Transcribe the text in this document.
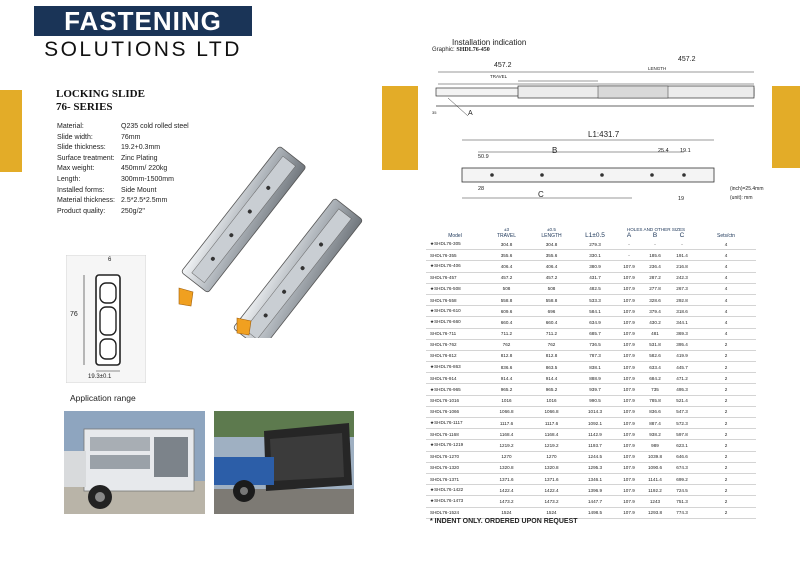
FASTENING
SOLUTIONS LTD
LOCKING SLIDE
76- SERIES
Material:	Q235 cold rolled steel
Slide width:	76mm
Slide thickness:	19.2+0.3mm
Surface treatment: Zinc Plating
Max weight:	450mm/ 220kg
Length:	300mm-1500mm
Installed forms:	Side Mount
Material thickness: 2.5*2.5*2.5mm
Product quality:	250g/2"
6
76
19.3±0.1
Application range
Installation indication
Graphic: SHDL76-450
457.2
457.2
TRAVEL
LENGTH
A
35
L1:431.7
B
50.9
25.4 19.1
28
C	19
(inch)=25.4mm
(unit): mm
	±3	±0.5		HOLES AND OTHER SIZES			
Model	TRAVEL	LENGTH	L1±0.5	A	B	C	Sets/ctn
★SHDL76-305	304.8	304.8	279.3	-	-	-	4
SHDL76-355	355.6	355.6	330.1	-	185.6	191.4	4
★SHDL76-406	406.4	406.4	380.9	107.9	236.4	216.8	4
SHDL76-457	457.2	457.2	431.7	107.9	287.2	242.3	4
★SHDL76-508	508	508	482.5	107.9	277.8	267.3	4
SHDL76-558	558.8	558.8	533.3	107.9	328.6	292.8	4
★SHDL76-610	609.6	696	584.1	107.9	379.4	318.6	4
★SHDL76-660	660.4	660.4	634.9	107.9	430.2	344.1	4
SHDL76-711	711.2	711.2	685.7	107.9	481	369.3	4
SHDL76-762	762	762	736.5	107.9	531.8	395.4	2
SHDL76-812	812.8	812.8	787.3	107.9	582.6	419.9	2
★SHDL76-863	836.6	863.5	838.1	107.9	633.4	445.7	2
SHDL76-914	914.4	914.4	888.9	107.9	684.2	471.2	2
★SHDL76-965	965.2	965.2	939.7	107.9	735	495.3	2
SHDL76-1016	1016	1016	990.5	107.9	785.8	521.4	2
SHDL76-1066	1066.8	1066.8	1014.3	107.9	836.6	547.3	2
★SHDL76-1117	1117.6	1117.6	1092.1	107.9	887.4	572.3	2
SHDL76-1168	1168.4	1168.4	1142.9	107.9	938.2	597.8	2
★SHDL76-1219	1219.2	1219.2	1193.7	107.9	989	623.1	2
SHDL76-1270	1270	1270	1244.5	107.9	1039.8	646.6	2
SHDL76-1320	1320.8	1320.8	1295.3	107.9	1090.6	674.3	2
SHDL76-1371	1371.6	1371.6	1346.1	107.9	1141.4	699.2	2
★SHDL76-1422	1422.4	1422.4	1396.9	107.9	1192.2	724.5	2
★SHDL76-1473	1473.2	1473.2	1447.7	107.9	1243	751.3	2
SHDL76-1524	1524	1524	1498.5	107.9	1293.8	774.3	2
* INDENT ONLY. ORDERED UPON REQUEST
